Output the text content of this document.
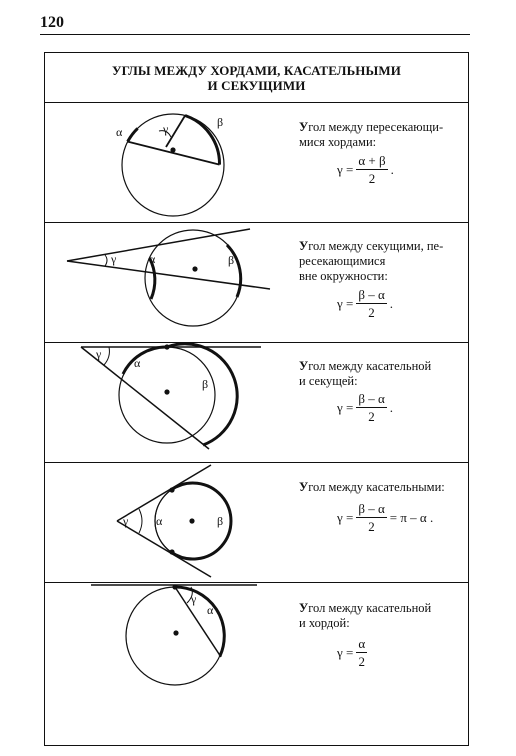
120
УГЛЫ МЕЖДУ ХОРДАМИ, КАСАТЕЛЬНЫМИ
И СЕКУЩИМИ
α	γ	β	Угол между пересекающи-
мися хордами:
$\gamma = \frac{\alpha + \beta}{2}$ .
γ	α	β
Угол между секущими, пе-
ресекающимися
вне окружности:
$\gamma = \frac{\beta - \alpha}{2}$ .
γ
α
β
Угол между касательной
и секущей:
$\gamma = \frac{\beta - \alpha}{2}$ .
γ α	β
Угол между касательными:
$\gamma = \frac{\beta - \alpha}{2} = \pi - \alpha$ .
γ
α	Угол между касательной
и хордой:
$\gamma = \frac{\alpha}{2}$
